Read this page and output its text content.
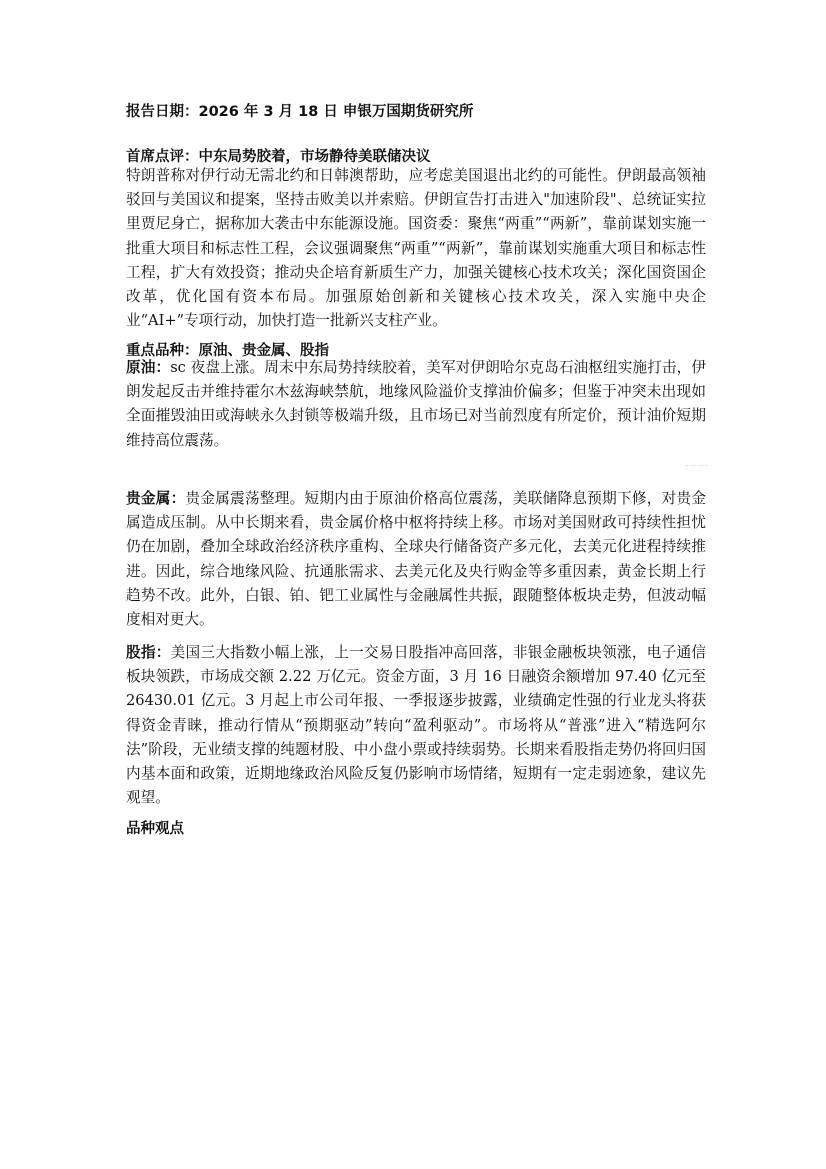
报告日期：2026 年 3 月 18 日 申银万国期货研究所
首席点评：中东局势胶着，市场静待美联储决议

特朗普称对伊行动无需北约和日韩澳帮助，应考虑美国退出北约的可能性。伊朗最高领袖驳回与美国议和提案，坚持击败美以并索赔。伊朗宣告打击进入"加速阶段"、总统证实拉里贾尼身亡，据称加大袭击中东能源设施。国资委：聚焦“两重”“两新”，靠前谋划实施一批重大项目和标志性工程，会议强调聚焦“两重”“两新”，靠前谋划实施重大项目和标志性工程，扩大有效投资；推动央企培育新质生产力，加强关键核心技术攻关；深化国资国企改革，优化国有资本布局。加强原始创新和关键核心技术攻关，深入实施中央企业“AI+”专项行动，加快打造一批新兴支柱产业。

重点品种：原油、贵金属、股指

原油：sc 夜盘上涨。周末中东局势持续胶着，美军对伊朗哈尔克岛石油枢纽实施打击，伊朗发起反击并维持霍尔木兹海峡禁航，地缘风险溢价支撑油价偏多；但鉴于冲突未出现如全面摧毁油田或海峡永久封锁等极端升级，且市场已对当前烈度有所定价，预计油价短期维持高位震荡。

贵金属：贵金属震荡整理。短期内由于原油价格高位震荡，美联储降息预期下修，对贵金属造成压制。从中长期来看，贵金属价格中枢将持续上移。市场对美国财政可持续性担忧仍在加剧，叠加全球政治经济秩序重构、全球央行储备资产多元化，去美元化进程持续推进。因此，综合地缘风险、抗通胀需求、去美元化及央行购金等多重因素，黄金长期上行趋势不改。此外，白银、铂、钯工业属性与金融属性共振，跟随整体板块走势，但波动幅度相对更大。

股指：美国三大指数小幅上涨，上一交易日股指冲高回落，非银金融板块领涨，电子通信板块领跌，市场成交额 2.22 万亿元。资金方面，3 月 16 日融资余额增加 97.40 亿元至 26430.01 亿元。3 月起上市公司年报、一季报逐步披露，业绩确定性强的行业龙头将获得资金青睐，推动行情从“预期驱动”转向“盈利驱动”。市场将从“普涨”进入“精选阿尔法”阶段，无业绩支撑的纯题材股、中小盘小票或持续弱势。长期来看股指走势仍将回归国内基本面和政策，近期地缘政治风险反复仍影响市场情绪，短期有一定走弱迹象，建议先观望。

品种观点
